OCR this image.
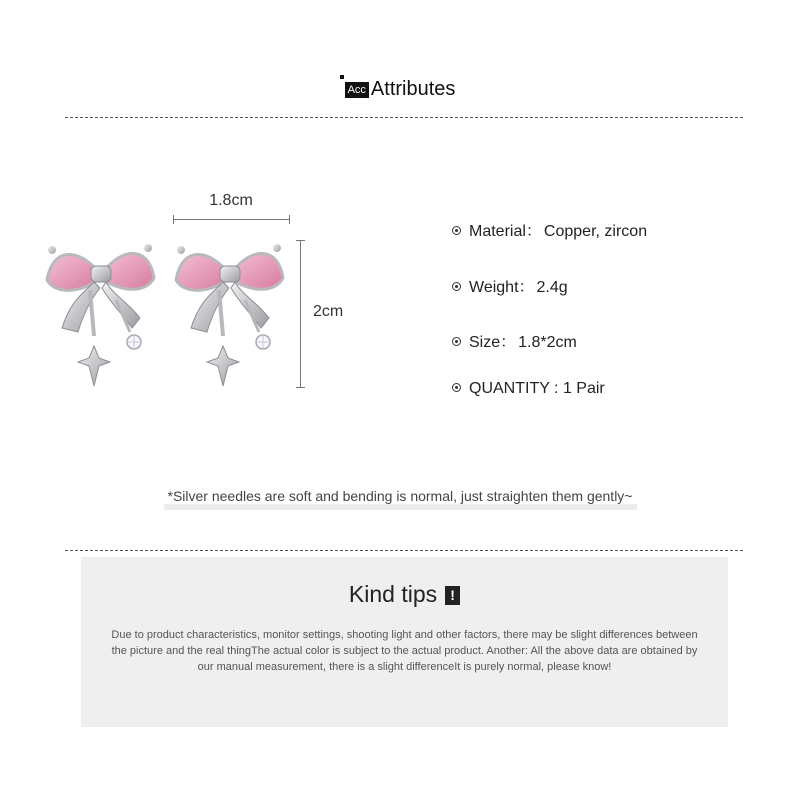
Acc Attributes
1.8cm
2cm
Material： Copper, zircon
Weight： 2.4g
Size： 1.8*2cm
QUANTITY : 1 Pair
*Silver needles are soft and bending is normal, just straighten them gently~
Kind tips !
Due to product characteristics, monitor settings, shooting light and other factors, there may be slight differences between the picture and the real thingThe actual color is subject to the actual product. Another: All the above data are obtained by our manual measurement, there is a slight differenceIt is purely normal, please know!
